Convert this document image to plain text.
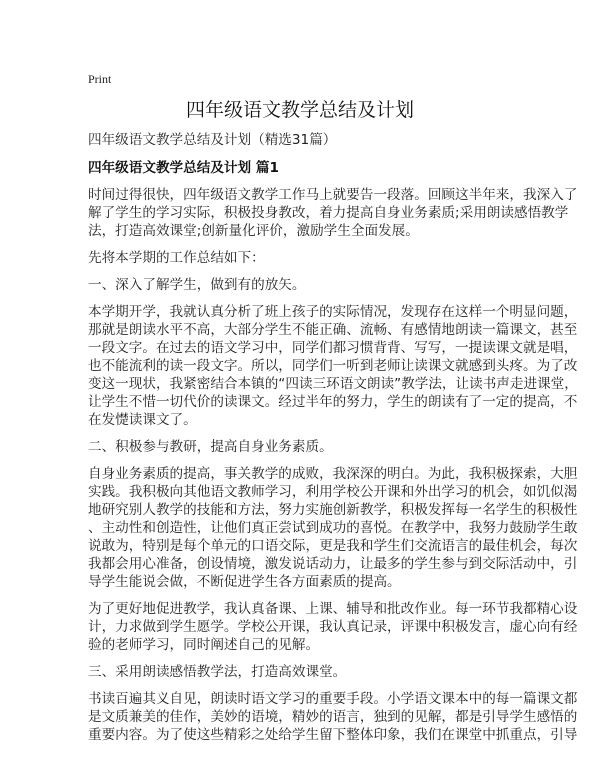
Print
四年级语文教学总结及计划
四年级语文教学总结及计划（精选31篇）
四年级语文教学总结及计划 篇1
时间过得很快，四年级语文教学工作马上就要告一段落。回顾这半年来，我深入了
解了学生的学习实际，积极投身教改，着力提高自身业务素质;采用朗读感悟教学
法，打造高效课堂;创新量化评价，激励学生全面发展。
先将本学期的工作总结如下：
一、深入了解学生，做到有的放矢。
本学期开学，我就认真分析了班上孩子的实际情况，发现存在这样一个明显问题，
那就是朗读水平不高，大部分学生不能正确、流畅、有感情地朗读一篇课文，甚至
一段文字。在过去的语文学习中，同学们都习惯背背、写写，一提读课文就是唱，
也不能流利的读一段文字。所以，同学们一听到老师让读课文就感到头疼。为了改
变这一现状，我紧密结合本镇的“四读三环语文朗读”教学法，让读书声走进课堂，
让学生不惜一切代价的读课文。经过半年的努力，学生的朗读有了一定的提高，不
在发憷读课文了。
二、积极参与教研，提高自身业务素质。
自身业务素质的提高，事关教学的成败，我深深的明白。为此，我积极探索，大胆
实践。我积极向其他语文教师学习，利用学校公开课和外出学习的机会，如饥似渴
地研究别人教学的技能和方法，努力实施创新教学，积极发挥每一名学生的积极性
、主动性和创造性，让他们真正尝试到成功的喜悦。在教学中，我努力鼓励学生敢
说敢为，特别是每个单元的口语交际，更是我和学生们交流语言的最佳机会，每次
我都会用心准备，创设情境，激发说话动力，让最多的学生参与到交际活动中，引
导学生能说会做，不断促进学生各方面素质的提高。
为了更好地促进教学，我认真备课、上课、辅导和批改作业。每一环节我都精心设
计，力求做到学生愿学。学校公开课，我认真记录，评课中积极发言，虚心向有经
验的老师学习，同时阐述自己的见解。
三、采用朗读感悟教学法，打造高效课堂。
书读百遍其义自见，朗读时语文学习的重要手段。小学语文课本中的每一篇课文都
是文质兼美的佳作，美妙的语境，精妙的语言，独到的见解，都是引导学生感悟的
重要内容。为了使这些精彩之处给学生留下整体印象，我们在课堂中抓重点，引导
